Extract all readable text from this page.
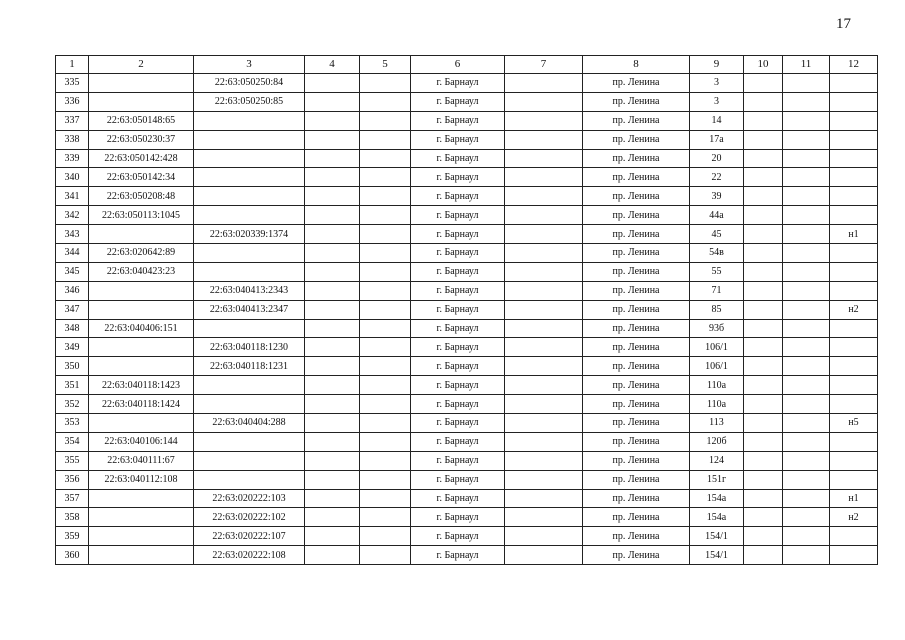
17
1	2	3	4	5	6	7	8	9	10	11	12
335		22:63:050250:84			г. Барнаул		пр. Ленина	3			
336		22:63:050250:85			г. Барнаул		пр. Ленина	3			
337	22:63:050148:65				г. Барнаул		пр. Ленина	14			
338	22:63:050230:37				г. Барнаул		пр. Ленина	17а			
339	22:63:050142:428				г. Барнаул		пр. Ленина	20			
340	22:63:050142:34				г. Барнаул		пр. Ленина	22			
341	22:63:050208:48				г. Барнаул		пр. Ленина	39			
342	22:63:050113:1045				г. Барнаул		пр. Ленина	44а			
343		22:63:020339:1374			г. Барнаул		пр. Ленина	45			н1
344	22:63:020642:89				г. Барнаул		пр. Ленина	54в			
345	22:63:040423:23				г. Барнаул		пр. Ленина	55			
346		22:63:040413:2343			г. Барнаул		пр. Ленина	71			
347		22:63:040413:2347			г. Барнаул		пр. Ленина	85			н2
348	22:63:040406:151				г. Барнаул		пр. Ленина	93б			
349		22:63:040118:1230			г. Барнаул		пр. Ленина	106/1			
350		22:63:040118:1231			г. Барнаул		пр. Ленина	106/1			
351	22:63:040118:1423				г. Барнаул		пр. Ленина	110а			
352	22:63:040118:1424				г. Барнаул		пр. Ленина	110а			
353		22:63:040404:288			г. Барнаул		пр. Ленина	113			н5
354	22:63:040106:144				г. Барнаул		пр. Ленина	120б			
355	22:63:040111:67				г. Барнаул		пр. Ленина	124			
356	22:63:040112:108				г. Барнаул		пр. Ленина	151г			
357		22:63:020222:103			г. Барнаул		пр. Ленина	154а			н1
358		22:63:020222:102			г. Барнаул		пр. Ленина	154а			н2
359		22:63:020222:107			г. Барнаул		пр. Ленина	154/1			
360		22:63:020222:108			г. Барнаул		пр. Ленина	154/1			
